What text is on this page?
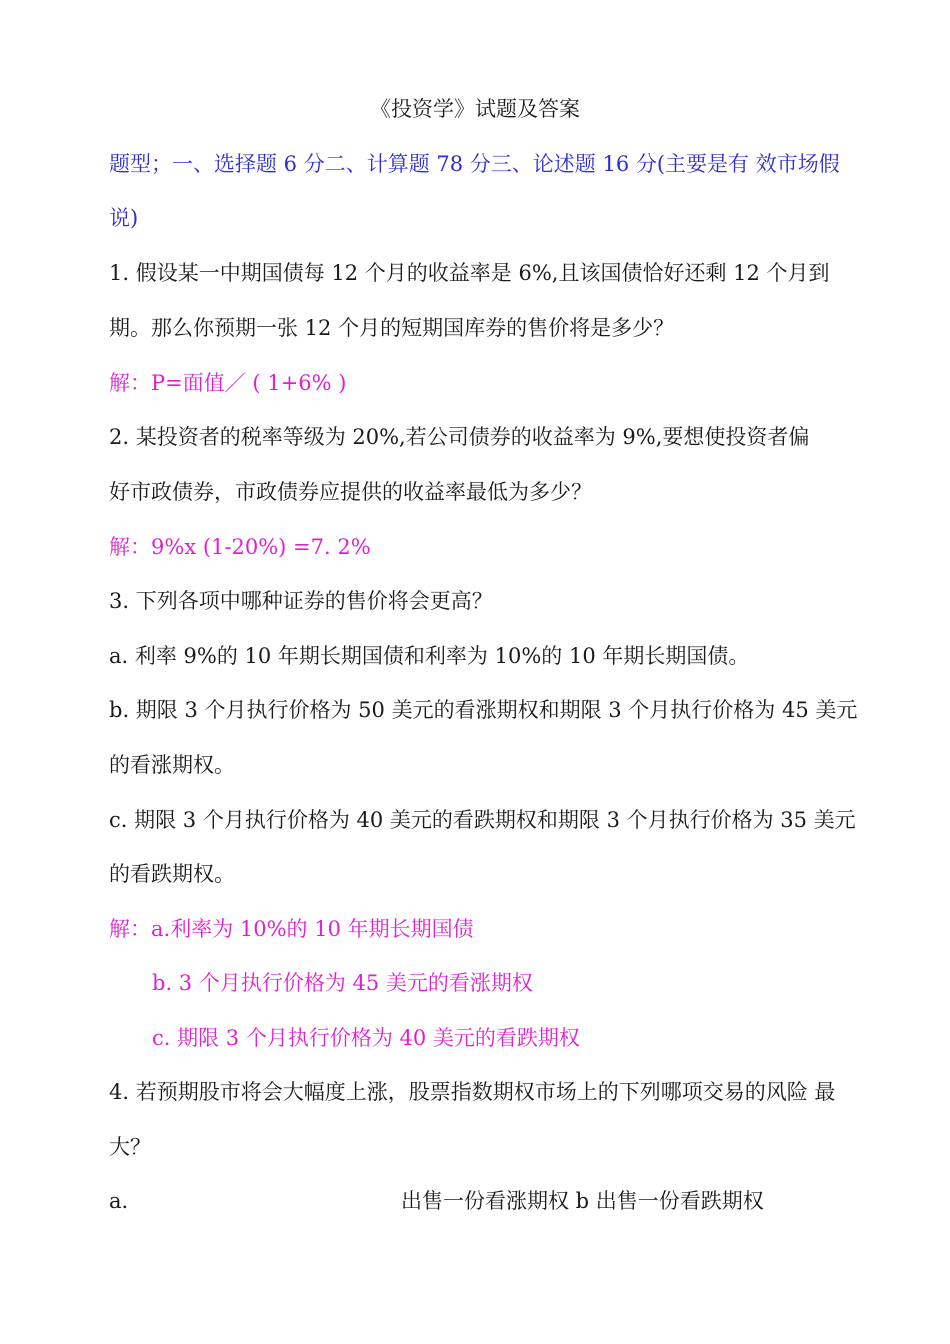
《投资学》试题及答案
题型；一、选择题 6 分二、计算题 78 分三、论述题 16 分(主要是有 效市场假
说)
1. 假设某一中期国债每 12 个月的收益率是 6%,且该国债恰好还剩 12 个月到
期。那么你预期一张 12 个月的短期国库券的售价将是多少？
解：P=面值／ ( 1+6% )
2. 某投资者的税率等级为 20%,若公司债券的收益率为 9%,要想使投资者偏
好市政债券，市政债券应提供的收益率最低为多少？
解：9%x (1-20%) =7. 2%
3. 下列各项中哪种证券的售价将会更高？
a. 利率 9%的 10 年期长期国债和利率为 10%的 10 年期长期国债。
b. 期限 3 个月执行价格为 50 美元的看涨期权和期限 3 个月执行价格为 45 美元
的看涨期权。
c. 期限 3 个月执行价格为 40 美元的看跌期权和期限 3 个月执行价格为 35 美元
的看跌期权。
解：a.利率为 10%的 10 年期长期国债
b. 3 个月执行价格为 45 美元的看涨期权
c. 期限 3 个月执行价格为 40 美元的看跌期权
4. 若预期股市将会大幅度上涨，股票指数期权市场上的下列哪项交易的风险 最
大？
a.	出售一份看涨期权 b 出售一份看跌期权
